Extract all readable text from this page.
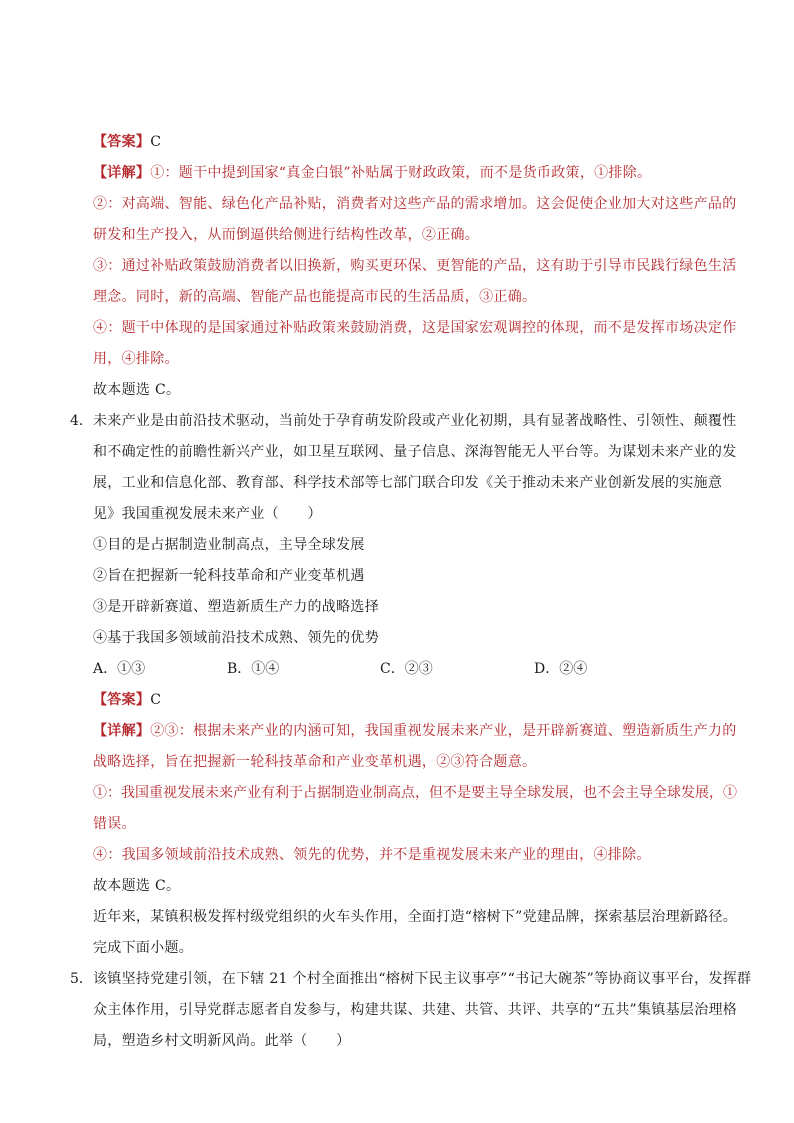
【答案】C
【详解】①：题干中提到国家“真金白银”补贴属于财政政策，而不是货币政策，①排除。
②：对高端、智能、绿色化产品补贴，消费者对这些产品的需求增加。这会促使企业加大对这些产品的
研发和生产投入，从而倒逼供给侧进行结构性改革，②正确。
③：通过补贴政策鼓励消费者以旧换新，购买更环保、更智能的产品，这有助于引导市民践行绿色生活
理念。同时，新的高端、智能产品也能提高市民的生活品质，③正确。
④：题干中体现的是国家通过补贴政策来鼓励消费，这是国家宏观调控的体现，而不是发挥市场决定作
用，④排除。
故本题选 C。
4． 未来产业是由前沿技术驱动，当前处于孕育萌发阶段或产业化初期，具有显著战略性、引领性、颠覆性
和不确定性的前瞻性新兴产业，如卫星互联网、量子信息、深海智能无人平台等。为谋划未来产业的发
展，工业和信息化部、教育部、科学技术部等七部门联合印发《关于推动未来产业创新发展的实施意
见》我国重视发展未来产业（　　）
①目的是占据制造业制高点，主导全球发展
②旨在把握新一轮科技革命和产业变革机遇
③是开辟新赛道、塑造新质生产力的战略选择
④基于我国多领域前沿技术成熟、领先的优势
A．①③	B．①④	C．②③	D．②④
【答案】C
【详解】②③：根据未来产业的内涵可知，我国重视发展未来产业，是开辟新赛道、塑造新质生产力的
战略选择，旨在把握新一轮科技革命和产业变革机遇，②③符合题意。
①：我国重视发展未来产业有利于占据制造业制高点，但不是要主导全球发展，也不会主导全球发展，①
错误。
④：我国多领域前沿技术成熟、领先的优势，并不是重视发展未来产业的理由，④排除。
故本题选 C。
近年来，某镇积极发挥村级党组织的火车头作用，全面打造“榕树下”党建品牌，探索基层治理新路径。
完成下面小题。
5． 该镇坚持党建引领，在下辖 21 个村全面推出“榕树下民主议事亭”“书记大碗茶”等协商议事平台，发挥群
众主体作用，引导党群志愿者自发参与，构建共谋、共建、共管、共评、共享的“五共”集镇基层治理格
局，塑造乡村文明新风尚。此举（　　）
